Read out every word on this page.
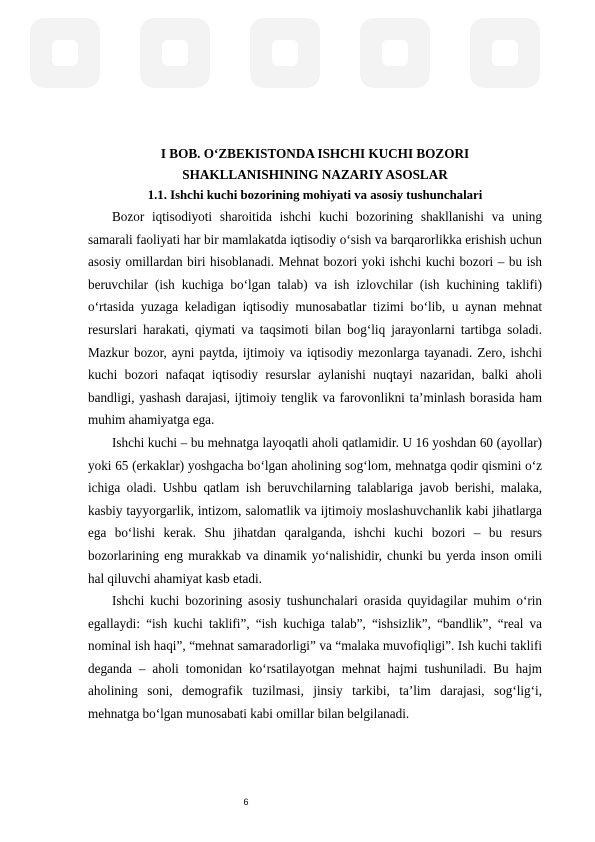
I BOB. O‘ZBEKISTONDA ISHCHI KUCHI BOZORI

SHAKLLANISHINING NAZARIY ASOSLAR

1.1. Ishchi kuchi bozorining mohiyati va asosiy tushunchalari

Bozor iqtisodiyoti sharoitida ishchi kuchi bozorining shakllanishi va uning samarali faoliyati har bir mamlakatda iqtisodiy o‘sish va barqarorlikka erishish uchun asosiy omillardan biri hisoblanadi. Mehnat bozori yoki ishchi kuchi bozori – bu ish beruvchilar (ish kuchiga bo‘lgan talab) va ish izlovchilar (ish kuchining taklifi) o‘rtasida yuzaga keladigan iqtisodiy munosabatlar tizimi bo‘lib, u aynan mehnat resurslari harakati, qiymati va taqsimoti bilan bog‘liq jarayonlarni tartibga soladi. Mazkur bozor, ayni paytda, ijtimoiy va iqtisodiy mezonlarga tayanadi. Zero, ishchi kuchi bozori nafaqat iqtisodiy resurslar aylanishi nuqtayi nazaridan, balki aholi bandligi, yashash darajasi, ijtimoiy tenglik va farovonlikni ta’minlash borasida ham muhim ahamiyatga ega.

Ishchi kuchi – bu mehnatga layoqatli aholi qatlamidir. U 16 yoshdan 60 (ayollar) yoki 65 (erkaklar) yoshgacha bo‘lgan aholining sog‘lom, mehnatga qodir qismini o‘z ichiga oladi. Ushbu qatlam ish beruvchilarning talablariga javob berishi, malaka, kasbiy tayyorgarlik, intizom, salomatlik va ijtimoiy moslashuvchanlik kabi jihatlarga ega bo‘lishi kerak. Shu jihatdan qaralganda, ishchi kuchi bozori – bu resurs bozorlarining eng murakkab va dinamik yo‘nalishidir, chunki bu yerda inson omili hal qiluvchi ahamiyat kasb etadi.

Ishchi kuchi bozorining asosiy tushunchalari orasida quyidagilar muhim o‘rin egallaydi: “ish kuchi taklifi”, “ish kuchiga talab”, “ishsizlik”, “bandlik”, “real va nominal ish haqi”, “mehnat samaradorligi” va “malaka muvofiqligi”. Ish kuchi taklifi deganda – aholi tomonidan ko‘rsatilayotgan mehnat hajmi tushuniladi. Bu hajm aholining soni, demografik tuzilmasi, jinsiy tarkibi, ta’lim darajasi, sog‘lig‘i, mehnatga bo‘lgan munosabati kabi omillar bilan belgilanadi.

6
